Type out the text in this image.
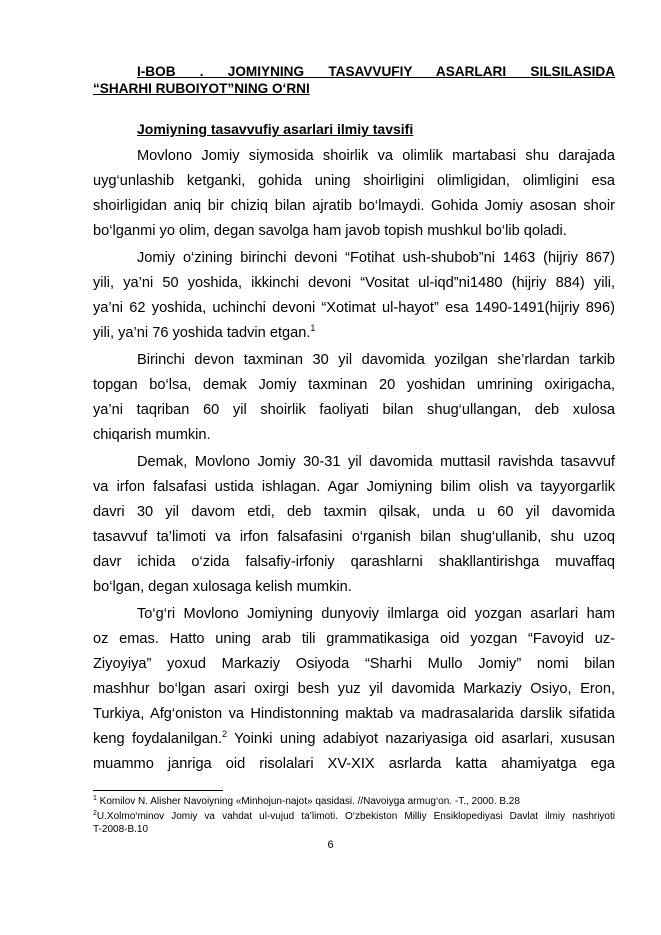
I-BOB . JOMIYNING TASAVVUFIY ASARLARI SILSILASIDA
“SHARHI RUBOIYOT”NING O‘RNI
Jomiyning tasavvufiy asarlari ilmiy tavsifi
Movlono Jomiy siymosida shoirlik va olimlik martabasi shu darajada
uyg‘unlashib ketganki, gohida uning shoirligini olimligidan, olimligini esa
shoirligidan aniq bir chiziq bilan ajratib bo‘lmaydi. Gohida Jomiy asosan shoir
bo‘lganmi yo olim, degan savolga ham javob topish mushkul bo‘lib qoladi.
Jomiy o‘zining birinchi devoni “Fotihat ush-shubob”ni 1463 (hijriy 867)
yili, ya’ni 50 yoshida, ikkinchi devoni “Vositat ul-iqd”ni1480 (hijriy 884) yili,
ya’ni 62 yoshida, uchinchi devoni “Xotimat ul-hayot” esa 1490-1491(hijriy 896)
yili, ya’ni 76 yoshida tadvin etgan.$^1$
Birinchi devon taxminan 30 yil davomida yozilgan she’rlardan tarkib
topgan bo‘lsa, demak Jomiy taxminan 20 yoshidan umrining oxirigacha,
ya’ni taqriban 60 yil shoirlik faoliyati bilan shug‘ullangan, deb xulosa
chiqarish mumkin.
Demak, Movlono Jomiy 30-31 yil davomida muttasil ravishda tasavvuf
va irfon falsafasi ustida ishlagan. Agar Jomiyning bilim olish va tayyorgarlik
davri 30 yil davom etdi, deb taxmin qilsak, unda u 60 yil davomida
tasavvuf ta’limoti va irfon falsafasini o‘rganish bilan shug‘ullanib, shu uzoq
davr ichida o‘zida falsafiy-irfoniy qarashlarni shakllantirishga muvaffaq
bo‘lgan, degan xulosaga kelish mumkin.
To‘g‘ri Movlono Jomiyning dunyoviy ilmlarga oid yozgan asarlari ham
oz emas. Hatto uning arab tili grammatikasiga oid yozgan “Favoyid uz-
Ziyoyiya” yoxud Markaziy Osiyoda “Sharhi Mullo Jomiy” nomi bilan
mashhur bo‘lgan asari oxirgi besh yuz yil davomida Markaziy Osiyo, Eron,
Turkiya, Afg‘oniston va Hindistonning maktab va madrasalarida darslik sifatida
keng foydalanilgan.$^2$ Yoinki uning adabiyot nazariyasiga oid asarlari, xususan
muammo janriga oid risolalari XV-XIX asrlarda katta ahamiyatga ega
$^1$ Komilov N. Alisher Navoiyning «Minhojun-najot» qasidasi. //Navoiyga armug‘on. -T., 2000. B.28
$^2$U.Xolmo‘minov Jomiy va vahdat ul-vujud ta’limoti. O‘zbekiston Milliy Ensiklopediyasi Davlat ilmiy nashriyoti
T-2008-B.10
6
